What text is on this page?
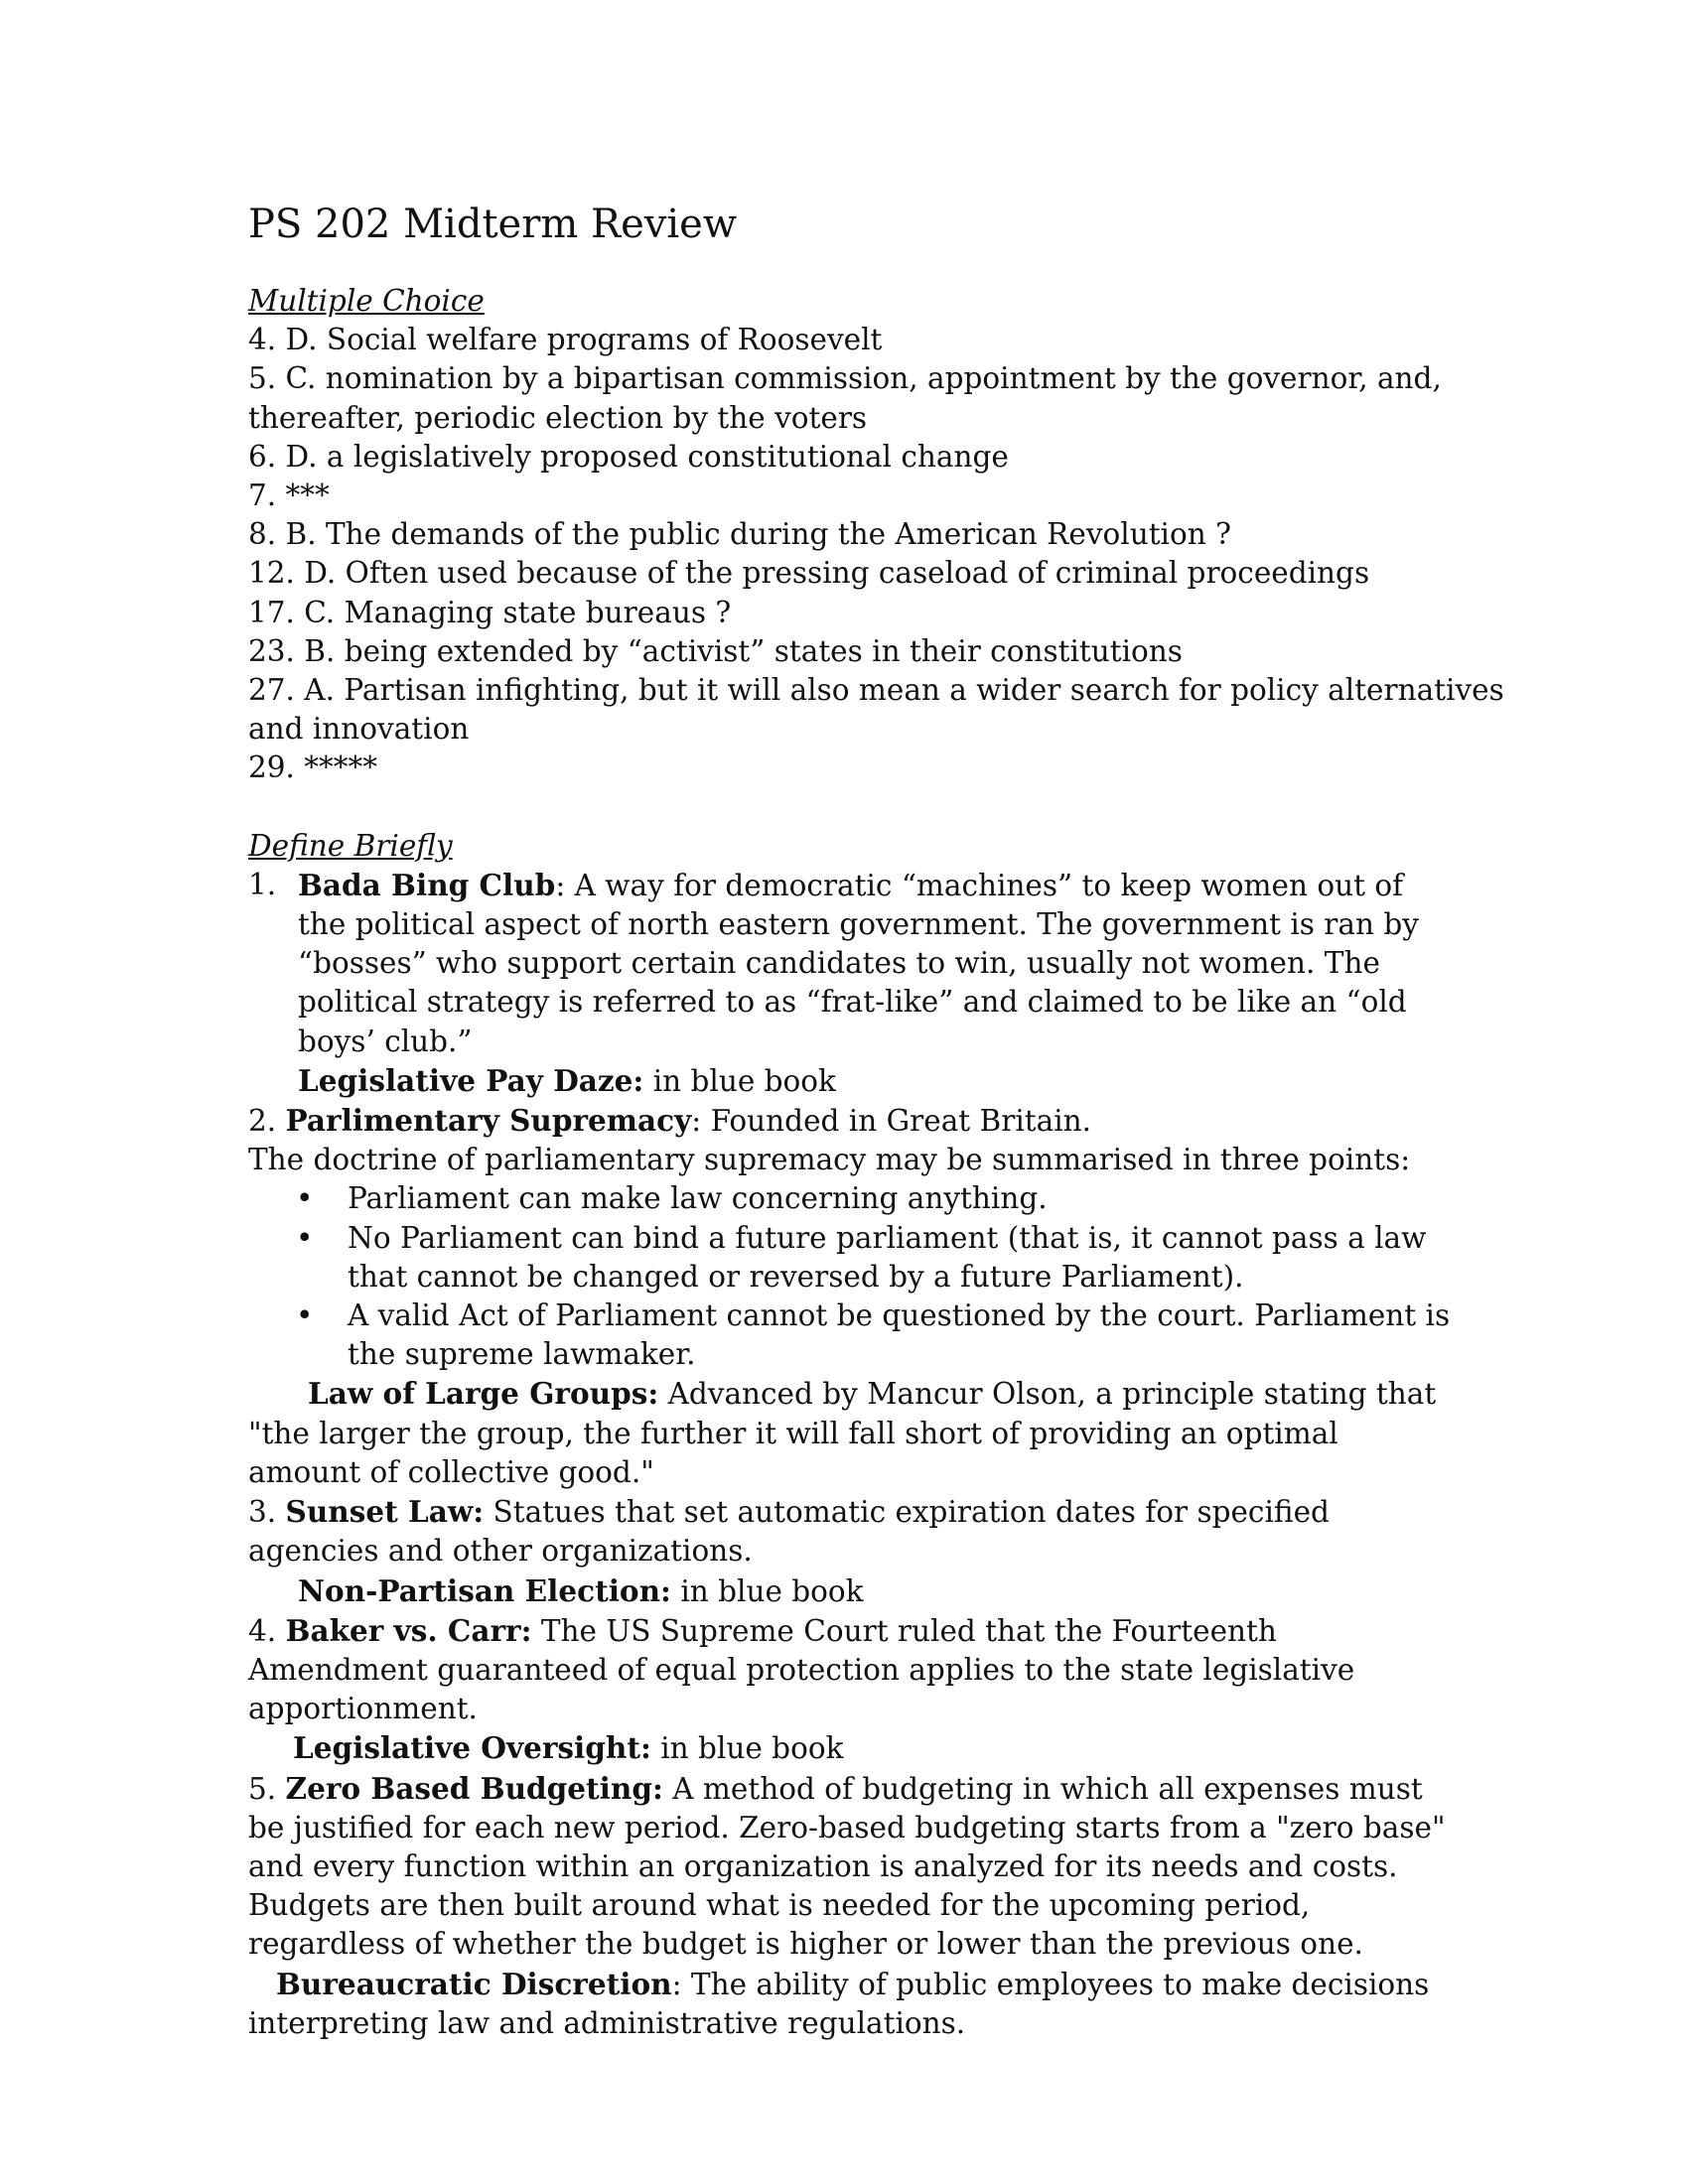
PS 202 Midterm Review
Multiple Choice
4. D. Social welfare programs of Roosevelt
5. C. nomination by a bipartisan commission, appointment by the governor, and,
thereafter, periodic election by the voters
6. D. a legislatively proposed constitutional change
7. ***
8. B. The demands of the public during the American Revolution ?
12. D. Often used because of the pressing caseload of criminal proceedings
17. C. Managing state bureaus ?
23. B. being extended by “activist” states in their constitutions
27. A. Partisan infighting, but it will also mean a wider search for policy alternatives
and innovation
29. *****
Define Briefly
1. Bada Bing Club: A way for democratic “machines” to keep women out of the political aspect of north eastern government. The government is ran by “bosses” who support certain candidates to win, usually not women. The political strategy is referred to as “frat-like” and claimed to be like an “old boys’ club.”
Legislative Pay Daze: in blue book
2. Parlimentary Supremacy: Founded in Great Britain.
The doctrine of parliamentary supremacy may be summarised in three points:
•	Parliament can make law concerning anything.
•	No Parliament can bind a future parliament (that is, it cannot pass a law that cannot be changed or reversed by a future Parliament).
•	A valid Act of Parliament cannot be questioned by the court. Parliament is the supreme lawmaker.
Law of Large Groups: Advanced by Mancur Olson, a principle stating that "the larger the group, the further it will fall short of providing an optimal amount of collective good."
3. Sunset Law: Statues that set automatic expiration dates for specified agencies and other organizations.
Non-Partisan Election: in blue book
4. Baker vs. Carr: The US Supreme Court ruled that the Fourteenth Amendment guaranteed of equal protection applies to the state legislative apportionment.
Legislative Oversight: in blue book
5. Zero Based Budgeting: A method of budgeting in which all expenses must be justified for each new period. Zero-based budgeting starts from a "zero base" and every function within an organization is analyzed for its needs and costs. Budgets are then built around what is needed for the upcoming period, regardless of whether the budget is higher or lower than the previous one.
Bureaucratic Discretion: The ability of public employees to make decisions interpreting law and administrative regulations.
